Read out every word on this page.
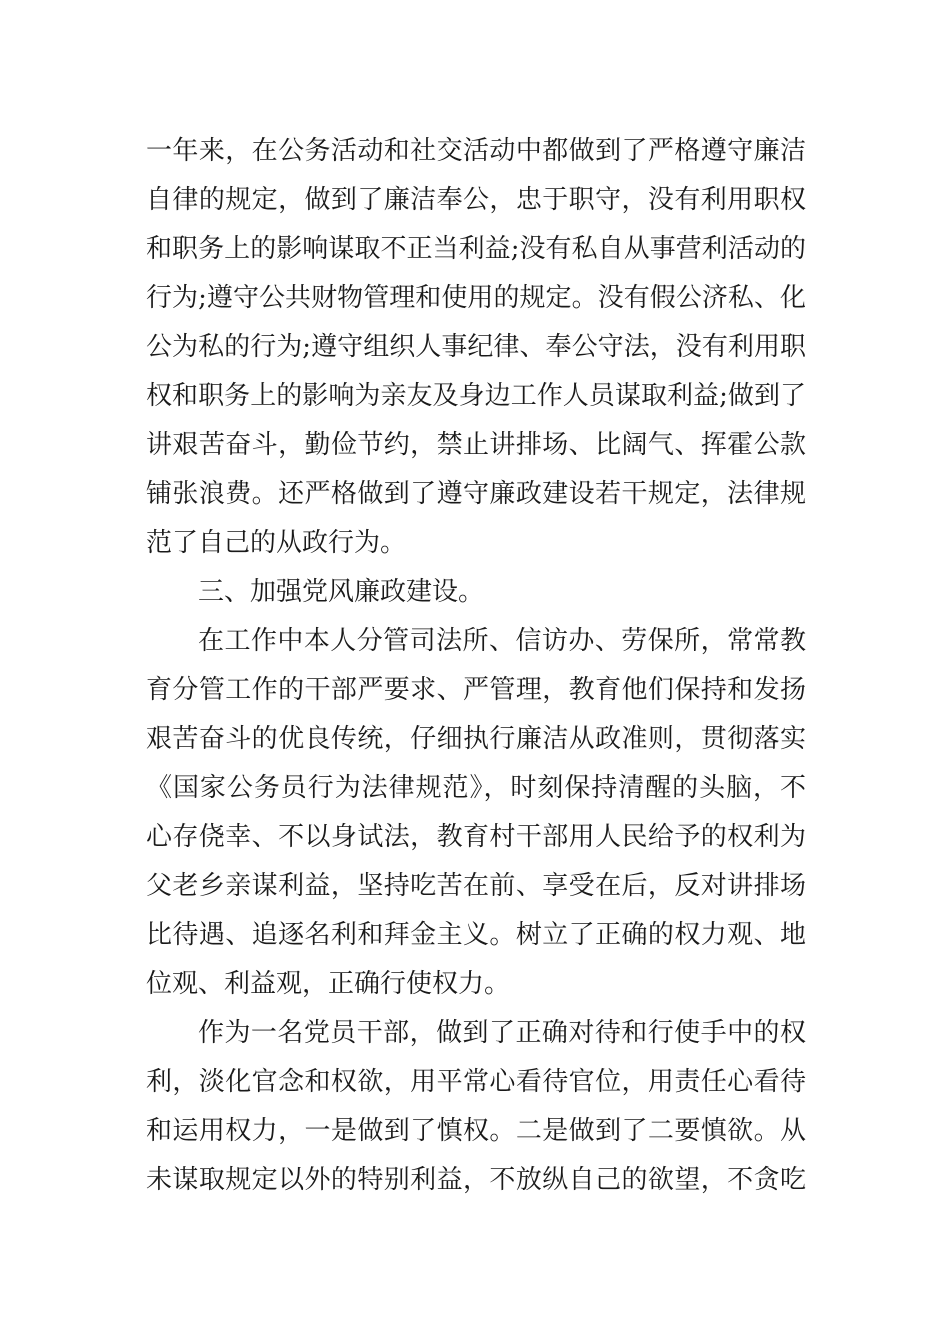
一年来，在公务活动和社交活动中都做到了严格遵守廉洁
自律的规定，做到了廉洁奉公，忠于职守，没有利用职权
和职务上的影响谋取不正当利益;没有私自从事营利活动的
行为;遵守公共财物管理和使用的规定。没有假公济私、化
公为私的行为;遵守组织人事纪律、奉公守法，没有利用职
权和职务上的影响为亲友及身边工作人员谋取利益;做到了
讲艰苦奋斗，勤俭节约，禁止讲排场、比阔气、挥霍公款
铺张浪费。还严格做到了遵守廉政建设若干规定，法律规
范了自己的从政行为。
三、加强党风廉政建设。
在工作中本人分管司法所、信访办、劳保所，常常教
育分管工作的干部严要求、严管理，教育他们保持和发扬
艰苦奋斗的优良传统，仔细执行廉洁从政准则，贯彻落实
《国家公务员行为法律规范》，时刻保持清醒的头脑，不
心存侥幸、不以身试法，教育村干部用人民给予的权利为
父老乡亲谋利益，坚持吃苦在前、享受在后，反对讲排场
比待遇、追逐名利和拜金主义。树立了正确的权力观、地
位观、利益观，正确行使权力。
作为一名党员干部，做到了正确对待和行使手中的权
利，淡化官念和权欲，用平常心看待官位，用责任心看待
和运用权力，一是做到了慎权。二是做到了二要慎欲。从
未谋取规定以外的特别利益，不放纵自己的欲望，不贪吃
